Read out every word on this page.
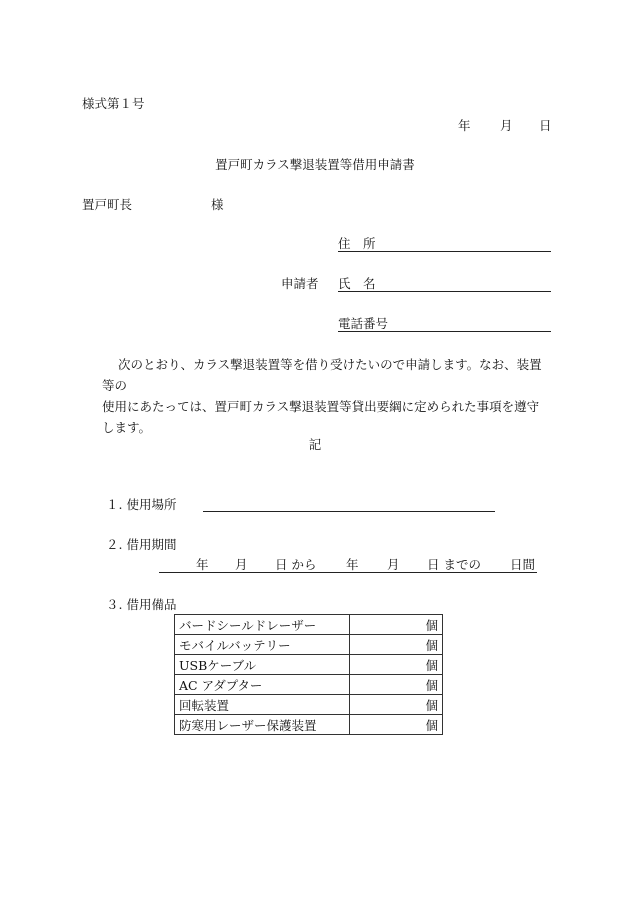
様式第１号
年 月 日
置戸町カラス撃退装置等借用申請書
置戸町長	様
住　所
申請者 氏　名
電話番号

次のとおり、カラス撃退装置等を借り受けたいので申請します。なお、装置等の

使用にあたっては、置戸町カラス撃退装置等貸出要綱に定められた事項を遵守

します。

記
１. 使用場所
２. 借用期間
年 月 日 から 年 月 日 までの 日間
３. 借用備品
バードシールドレーザー	個
モバイルバッテリー	個
USBケーブル	個
AC アダプター	個
回転装置	個
防寒用レーザー保護装置	個
